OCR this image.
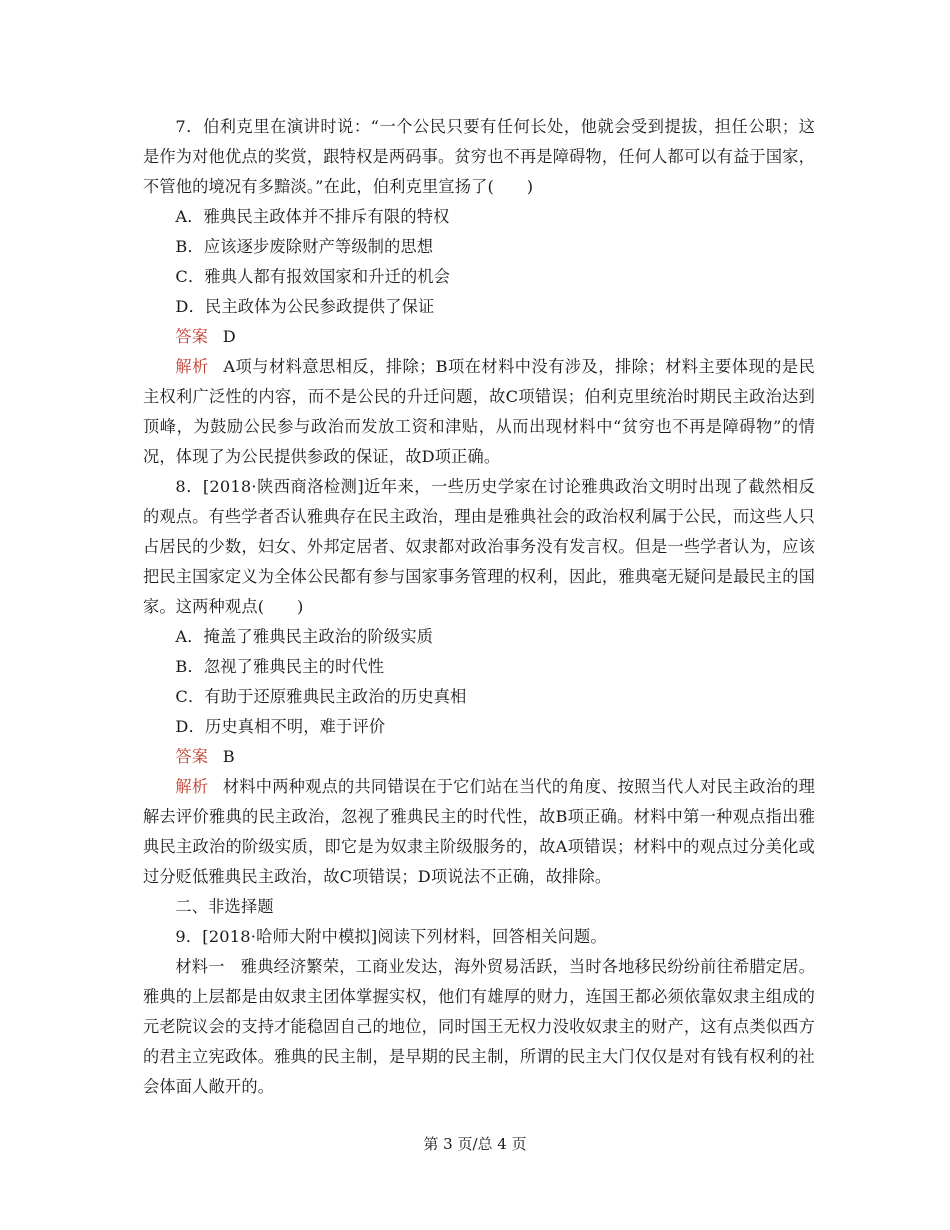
7．伯利克里在演讲时说：“一个公民只要有任何长处，他就会受到提拔，担任公职；这是作为对他优点的奖赏，跟特权是两码事。贫穷也不再是障碍物，任何人都可以有益于国家，不管他的境况有多黯淡。”在此，伯利克里宣扬了(　　)

A．雅典民主政体并不排斥有限的特权

B．应该逐步废除财产等级制的思想

C．雅典人都有报效国家和升迁的机会

D．民主政体为公民参政提供了保证

答案 D

解析 A项与材料意思相反，排除；B项在材料中没有涉及，排除；材料主要体现的是民主权利广泛性的内容，而不是公民的升迁问题，故C项错误；伯利克里统治时期民主政治达到顶峰，为鼓励公民参与政治而发放工资和津贴，从而出现材料中“贫穷也不再是障碍物”的情况，体现了为公民提供参政的保证，故D项正确。

8．[2018·陕西商洛检测]近年来，一些历史学家在讨论雅典政治文明时出现了截然相反的观点。有些学者否认雅典存在民主政治，理由是雅典社会的政治权利属于公民，而这些人只占居民的少数，妇女、外邦定居者、奴隶都对政治事务没有发言权。但是一些学者认为，应该把民主国家定义为全体公民都有参与国家事务管理的权利，因此，雅典毫无疑问是最民主的国家。这两种观点(　　)

A．掩盖了雅典民主政治的阶级实质

B．忽视了雅典民主的时代性

C．有助于还原雅典民主政治的历史真相

D．历史真相不明，难于评价

答案 B

解析 材料中两种观点的共同错误在于它们站在当代的角度、按照当代人对民主政治的理解去评价雅典的民主政治，忽视了雅典民主的时代性，故B项正确。材料中第一种观点指出雅典民主政治的阶级实质，即它是为奴隶主阶级服务的，故A项错误；材料中的观点过分美化或过分贬低雅典民主政治，故C项错误；D项说法不正确，故排除。

二、非选择题

9．[2018·哈师大附中模拟]阅读下列材料，回答相关问题。

材料一 雅典经济繁荣，工商业发达，海外贸易活跃，当时各地移民纷纷前往希腊定居。雅典的上层都是由奴隶主团体掌握实权，他们有雄厚的财力，连国王都必须依靠奴隶主组成的元老院议会的支持才能稳固自己的地位，同时国王无权力没收奴隶主的财产，这有点类似西方的君主立宪政体。雅典的民主制，是早期的民主制，所谓的民主大门仅仅是对有钱有权利的社会体面人敞开的。

第 3 页/总 4 页
